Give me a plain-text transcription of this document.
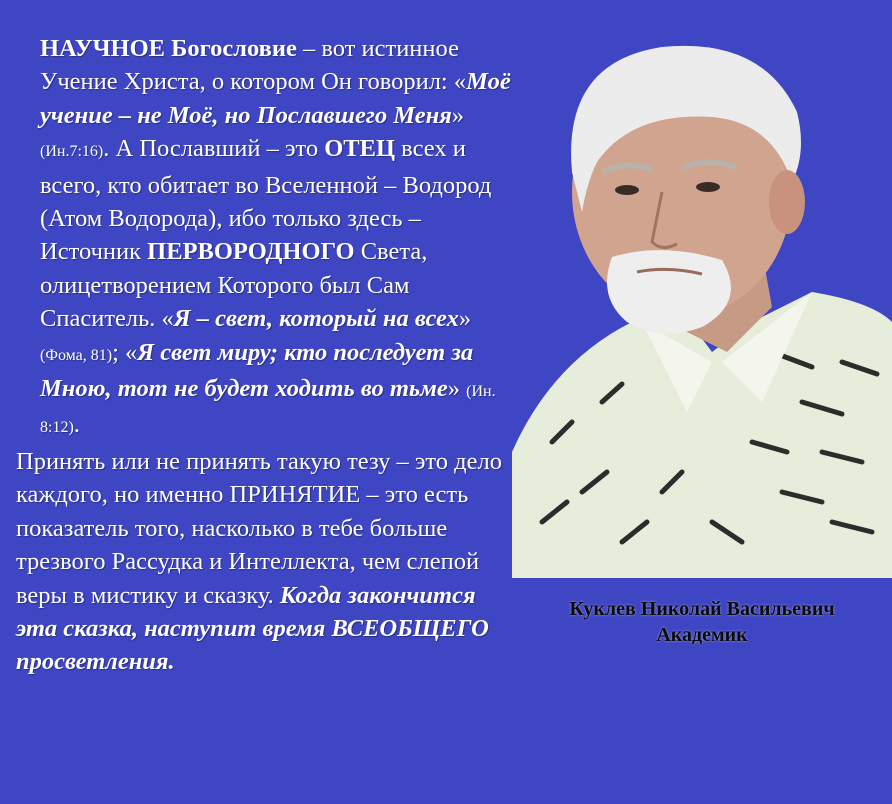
НАУЧНОЕ Богословие – вот истинное Учение Христа, о котором Он говорил: «Моё учение – не Моё, но Пославшего Меня» (Ин.7:16). А Пославший – это ОТЕЦ всех и всего, кто обитает во Вселенной – Водород (Атом Водорода), ибо только здесь – Источник ПЕРВОРОДНОГО Света, олицетворением Которого был Сам Спаситель. «Я – свет, который на всех» (Фома, 81); «Я свет миру; кто последует за Мною, тот не будет ходить во тьме» (Ин. 8:12).

Принять или не принять такую тезу – это дело каждого, но именно ПРИНЯТИЕ – это есть показатель того, насколько в тебе больше трезвого Рассудка и Интеллекта, чем слепой веры в мистику и сказку. Когда закончится эта сказка, наступит время ВСЕОБЩЕГО просветления.

Куклев Николай Васильевич
Академик
